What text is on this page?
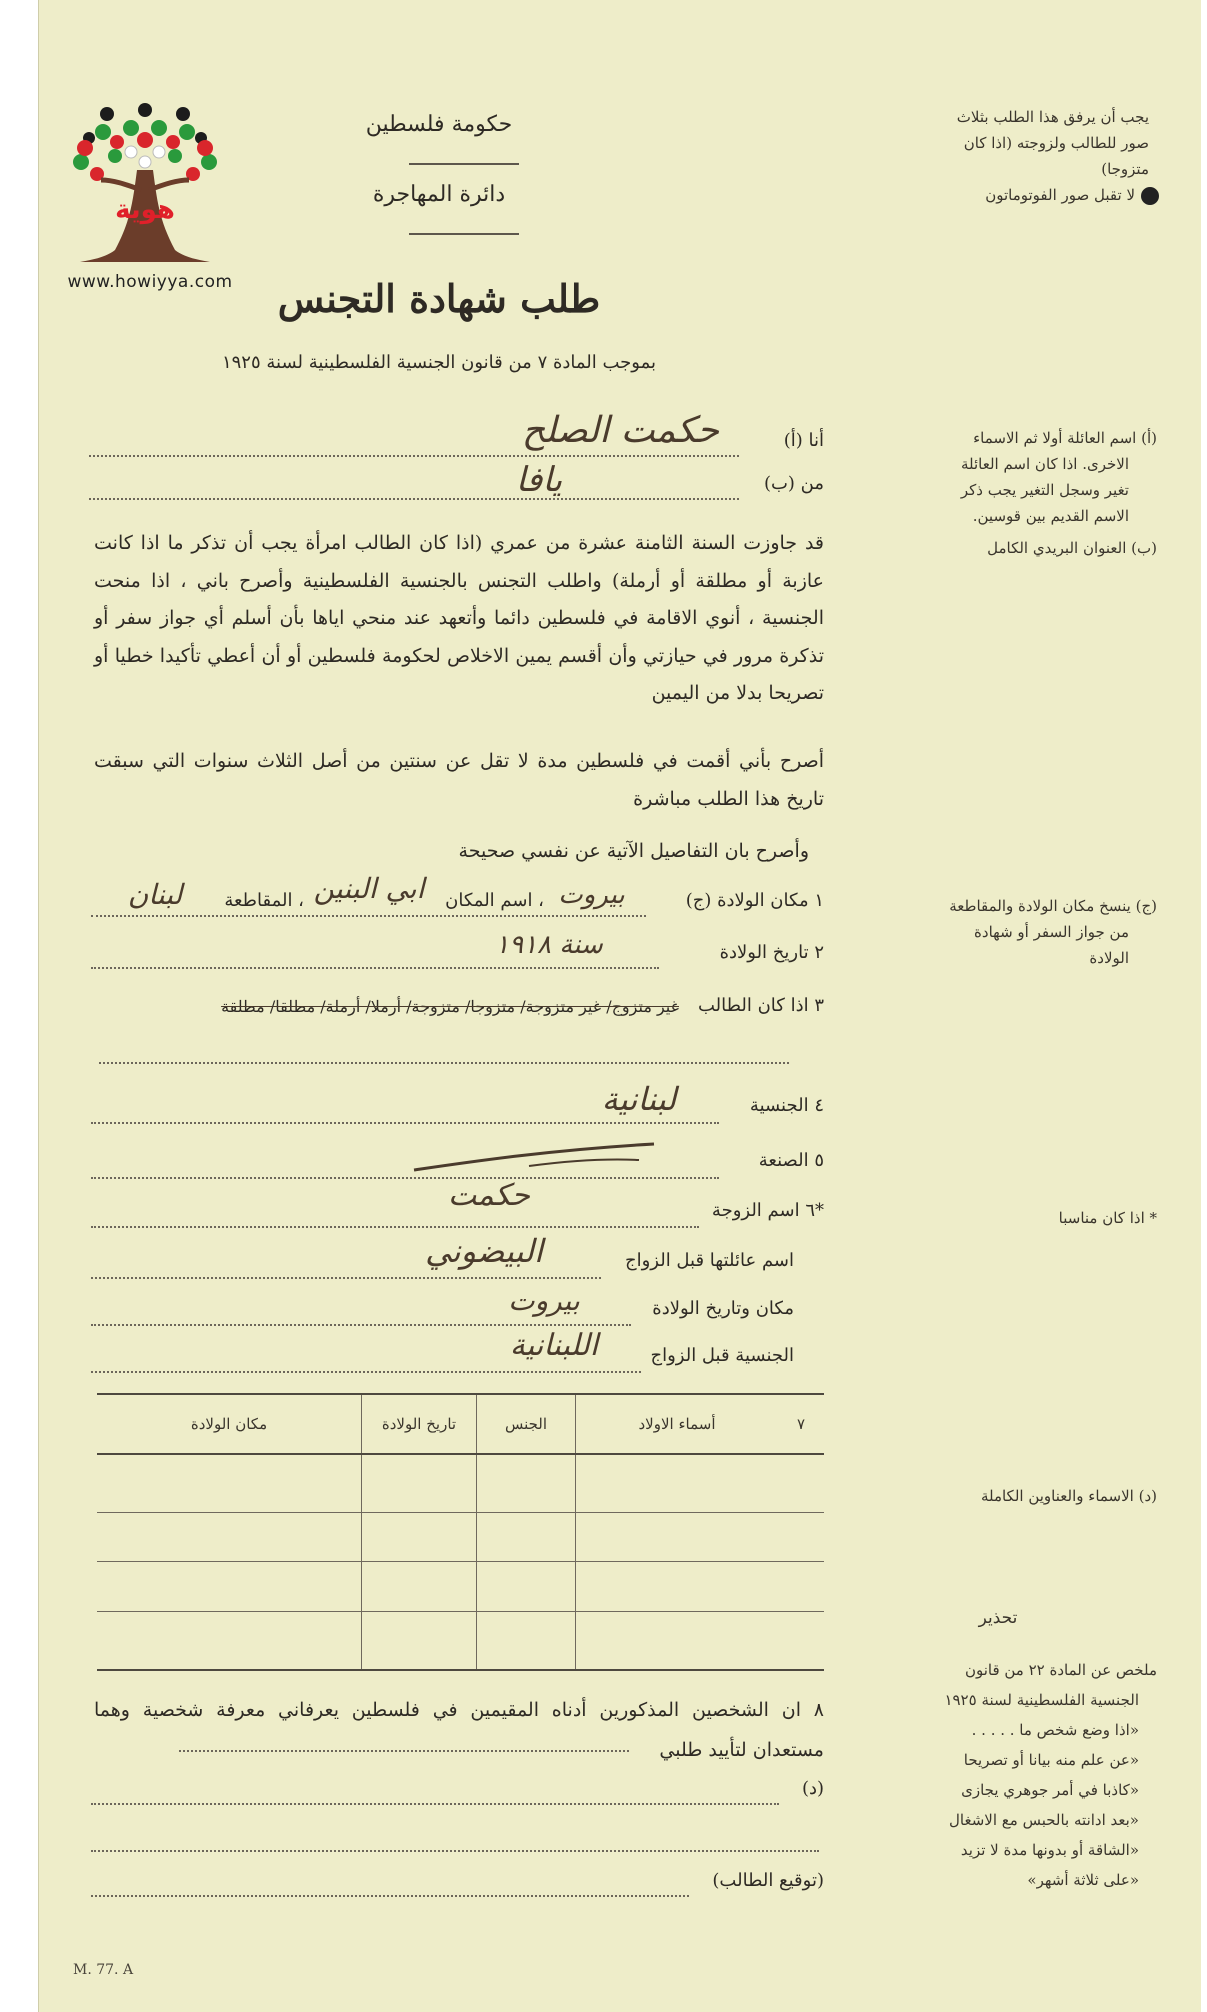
هوية
www.howiyya.com
حكومة فلسطين
دائرة المهاجرة
طلب شهادة التجنس
بموجب المادة ٧ من قانون الجنسية الفلسطينية لسنة ١٩٢٥
يجب أن يرفق هذا الطلب بثلاث
صور للطالب ولزوجته (اذا كان
متزوجا)
لا تقبل صور الفوتوماتون
أنا (أ)
حكمت الصلح
من (ب)
يافا
قد جاوزت السنة الثامنة عشرة من عمري (اذا كان الطالب امرأة يجب أن تذكر ما اذا كانت عازبة أو مطلقة أو أرملة) واطلب التجنس بالجنسية الفلسطينية وأصرح باني ، اذا منحت الجنسية ، أنوي الاقامة في فلسطين دائما وأتعهد عند منحي اياها بأن أسلم أي جواز سفر أو تذكرة مرور في حيازتي وأن أقسم يمين الاخلاص لحكومة فلسطين أو أن أعطي تأكيدا خطيا أو تصريحا بدلا من اليمين
أصرح بأني أقمت في فلسطين مدة لا تقل عن سنتين من أصل الثلاث سنوات التي سبقت تاريخ هذا الطلب مباشرة
وأصرح بان التفاصيل الآتية عن نفسي صحيحة
١ مكان الولادة (ج)
بيروت
، اسم المكان
ابي البنين
، المقاطعة
لبنان
٢ تاريخ الولادة
سنة ١٩١٨
٣ اذا كان الطالب
غير متزوج/ غير متزوجة/ متزوجا/ متزوجة/ أرملا/ أرملة/ مطلقا/ مطلقة
٤ الجنسية
لبنانية
٥ الصنعة
*٦ اسم الزوجة
حكمت
اسم عائلتها قبل الزواج
البيضوني
مكان وتاريخ الولادة
بيروت
الجنسية قبل الزواج
اللبنانية
٧	أسماء الاولاد	الجنس	تاريخ الولادة	مكان الولادة

٨ ان الشخصين المذكورين أدناه المقيمين في فلسطين يعرفاني معرفة شخصية وهما مستعدان لتأييد طلبي
(د)
(توقيع الطالب)
M. 77. A
(أ) اسم العائلة أولا ثم الاسماء
الاخرى. اذا كان اسم العائلة
تغير وسجل التغير يجب ذكر
الاسم القديم بين قوسين.
(ب) العنوان البريدي الكامل
(ج) ينسخ مكان الولادة والمقاطعة
من جواز السفر أو شهادة
الولادة
* اذا كان مناسبا
(د) الاسماء والعناوين الكاملة
تحذير
ملخص عن المادة ٢٢ من قانون
الجنسية الفلسطينية لسنة ١٩٢٥
«اذا وضع شخص ما . . . . .
«عن علم منه بيانا أو تصريحا
«كاذبا في أمر جوهري يجازى
«بعد ادانته بالحبس مع الاشغال
«الشاقة أو بدونها مدة لا تزيد
«على ثلاثة أشهر»
